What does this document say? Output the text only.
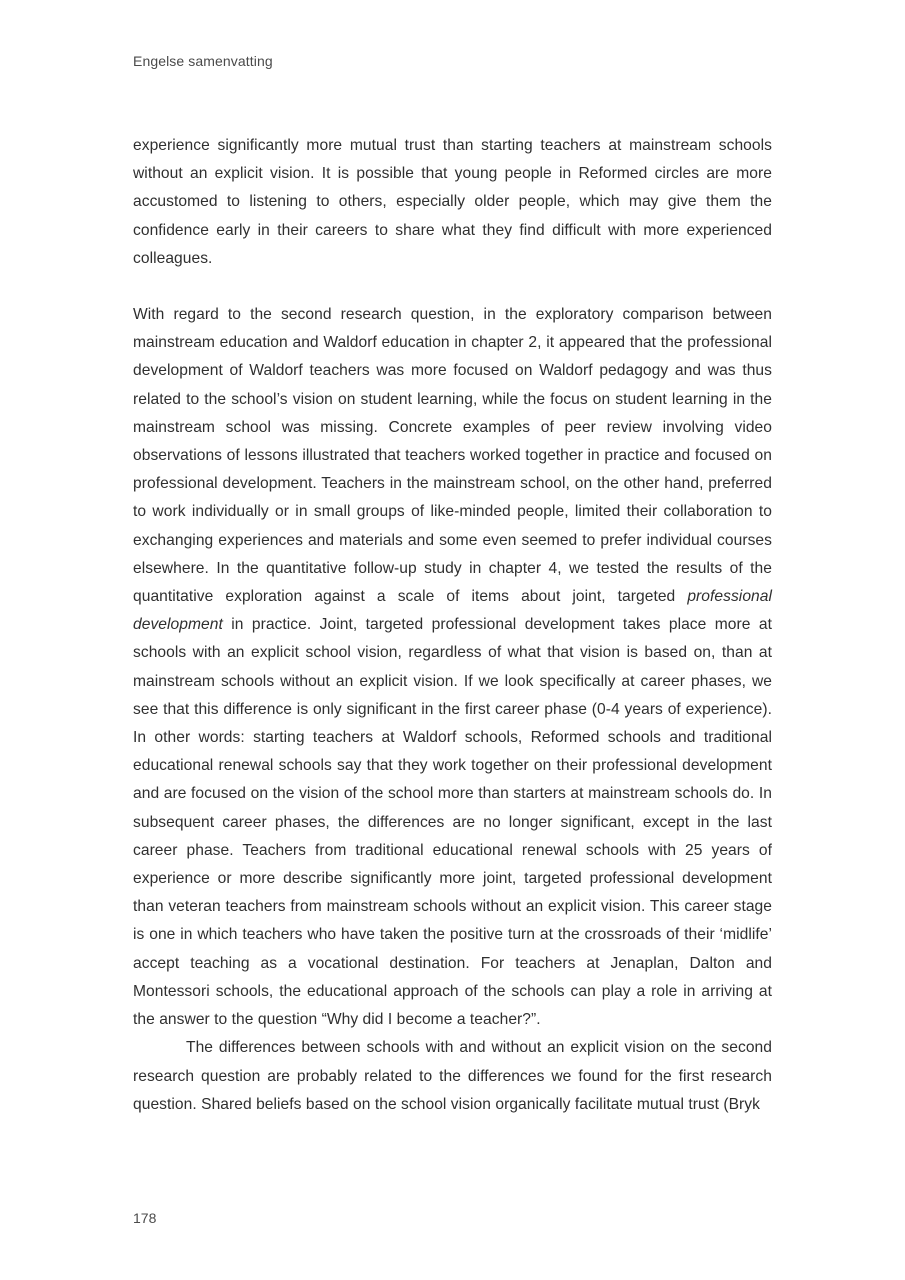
Engelse samenvatting

experience significantly more mutual trust than starting teachers at mainstream schools without an explicit vision. It is possible that young people in Reformed circles are more accustomed to listening to others, especially older people, which may give them the confidence early in their careers to share what they find difficult with more experienced colleagues.

With regard to the second research question, in the exploratory comparison between mainstream education and Waldorf education in chapter 2, it appeared that the professional development of Waldorf teachers was more focused on Waldorf pedagogy and was thus related to the school’s vision on student learning, while the focus on student learning in the mainstream school was missing. Concrete examples of peer review involving video observations of lessons illustrated that teachers worked together in practice and focused on professional development. Teachers in the mainstream school, on the other hand, preferred to work individually or in small groups of like-minded people, limited their collaboration to exchanging experiences and materials and some even seemed to prefer individual courses elsewhere. In the quantitative follow-up study in chapter 4, we tested the results of the quantitative exploration against a scale of items about joint, targeted professional development in practice. Joint, targeted professional development takes place more at schools with an explicit school vision, regardless of what that vision is based on, than at mainstream schools without an explicit vision. If we look specifically at career phases, we see that this difference is only significant in the first career phase (0-4 years of experience). In other words: starting teachers at Waldorf schools, Reformed schools and traditional educational renewal schools say that they work together on their professional development and are focused on the vision of the school more than starters at mainstream schools do. In subsequent career phases, the differences are no longer significant, except in the last career phase. Teachers from traditional educational renewal schools with 25 years of experience or more describe significantly more joint, targeted professional development than veteran teachers from mainstream schools without an explicit vision. This career stage is one in which teachers who have taken the positive turn at the crossroads of their ‘midlife’ accept teaching as a vocational destination. For teachers at Jenaplan, Dalton and Montessori schools, the educational approach of the schools can play a role in arriving at the answer to the question “Why did I become a teacher?”.

The differences between schools with and without an explicit vision on the second research question are probably related to the differences we found for the first research question. Shared beliefs based on the school vision organically facilitate mutual trust (Bryk

178
